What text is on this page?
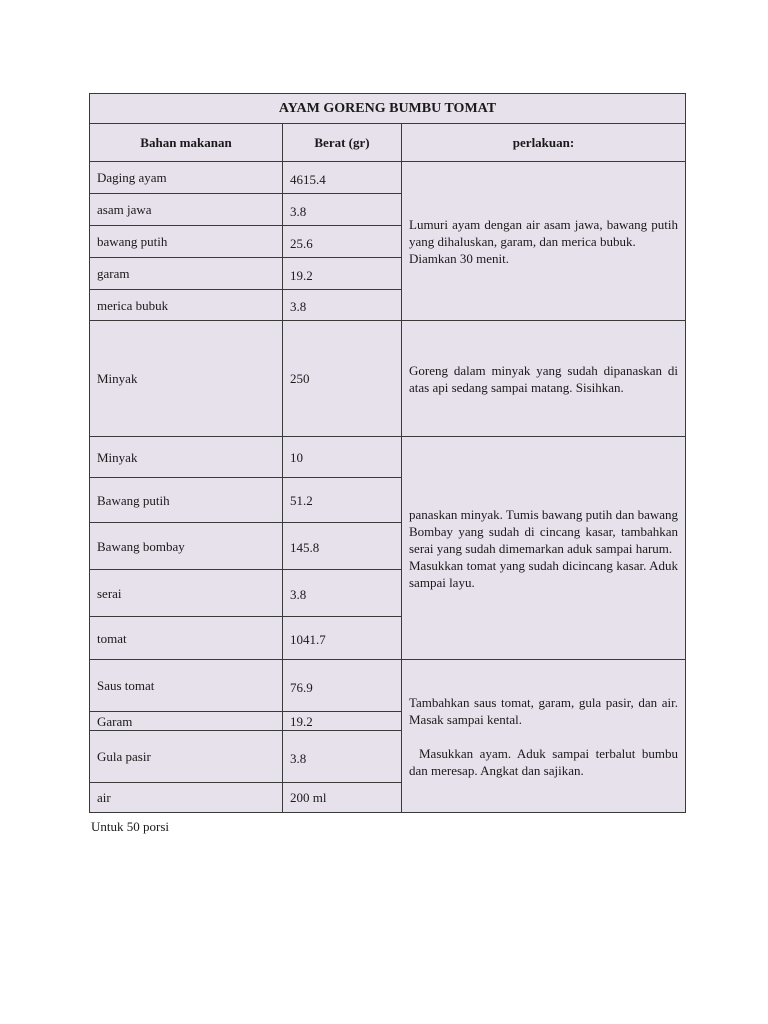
AYAM GORENG BUMBU TOMAT		
Bahan makanan	Berat (gr)	perlakuan:
Daging ayam	4615.4	Lumuri ayam dengan air asam jawa, bawang putih yang dihaluskan, garam, dan merica bubuk.

Diamkan 30 menit.

asam jawa	3.8	
bawang putih	25.6	
garam	19.2	
merica bubuk	3.8	
Minyak	250	Goreng dalam minyak yang sudah dipanaskan di atas api sedang sampai matang. Sisihkan.

Minyak	10	panaskan minyak. Tumis bawang putih dan bawang Bombay yang sudah di cincang kasar, tambahkan serai yang sudah dimemarkan aduk sampai harum.

Masukkan tomat yang sudah dicincang kasar. Aduk sampai layu.

Bawang putih	51.2	
Bawang bombay	145.8	
serai	3.8	
tomat	1041.7	
Saus tomat	76.9	Tambahkan saus tomat, garam, gula pasir, dan air. Masak sampai kental.

Masukkan ayam. Aduk sampai terbalut bumbu dan meresap. Angkat dan sajikan.

Garam	19.2	
Gula pasir	3.8	
air	200 ml	
Untuk 50 porsi
